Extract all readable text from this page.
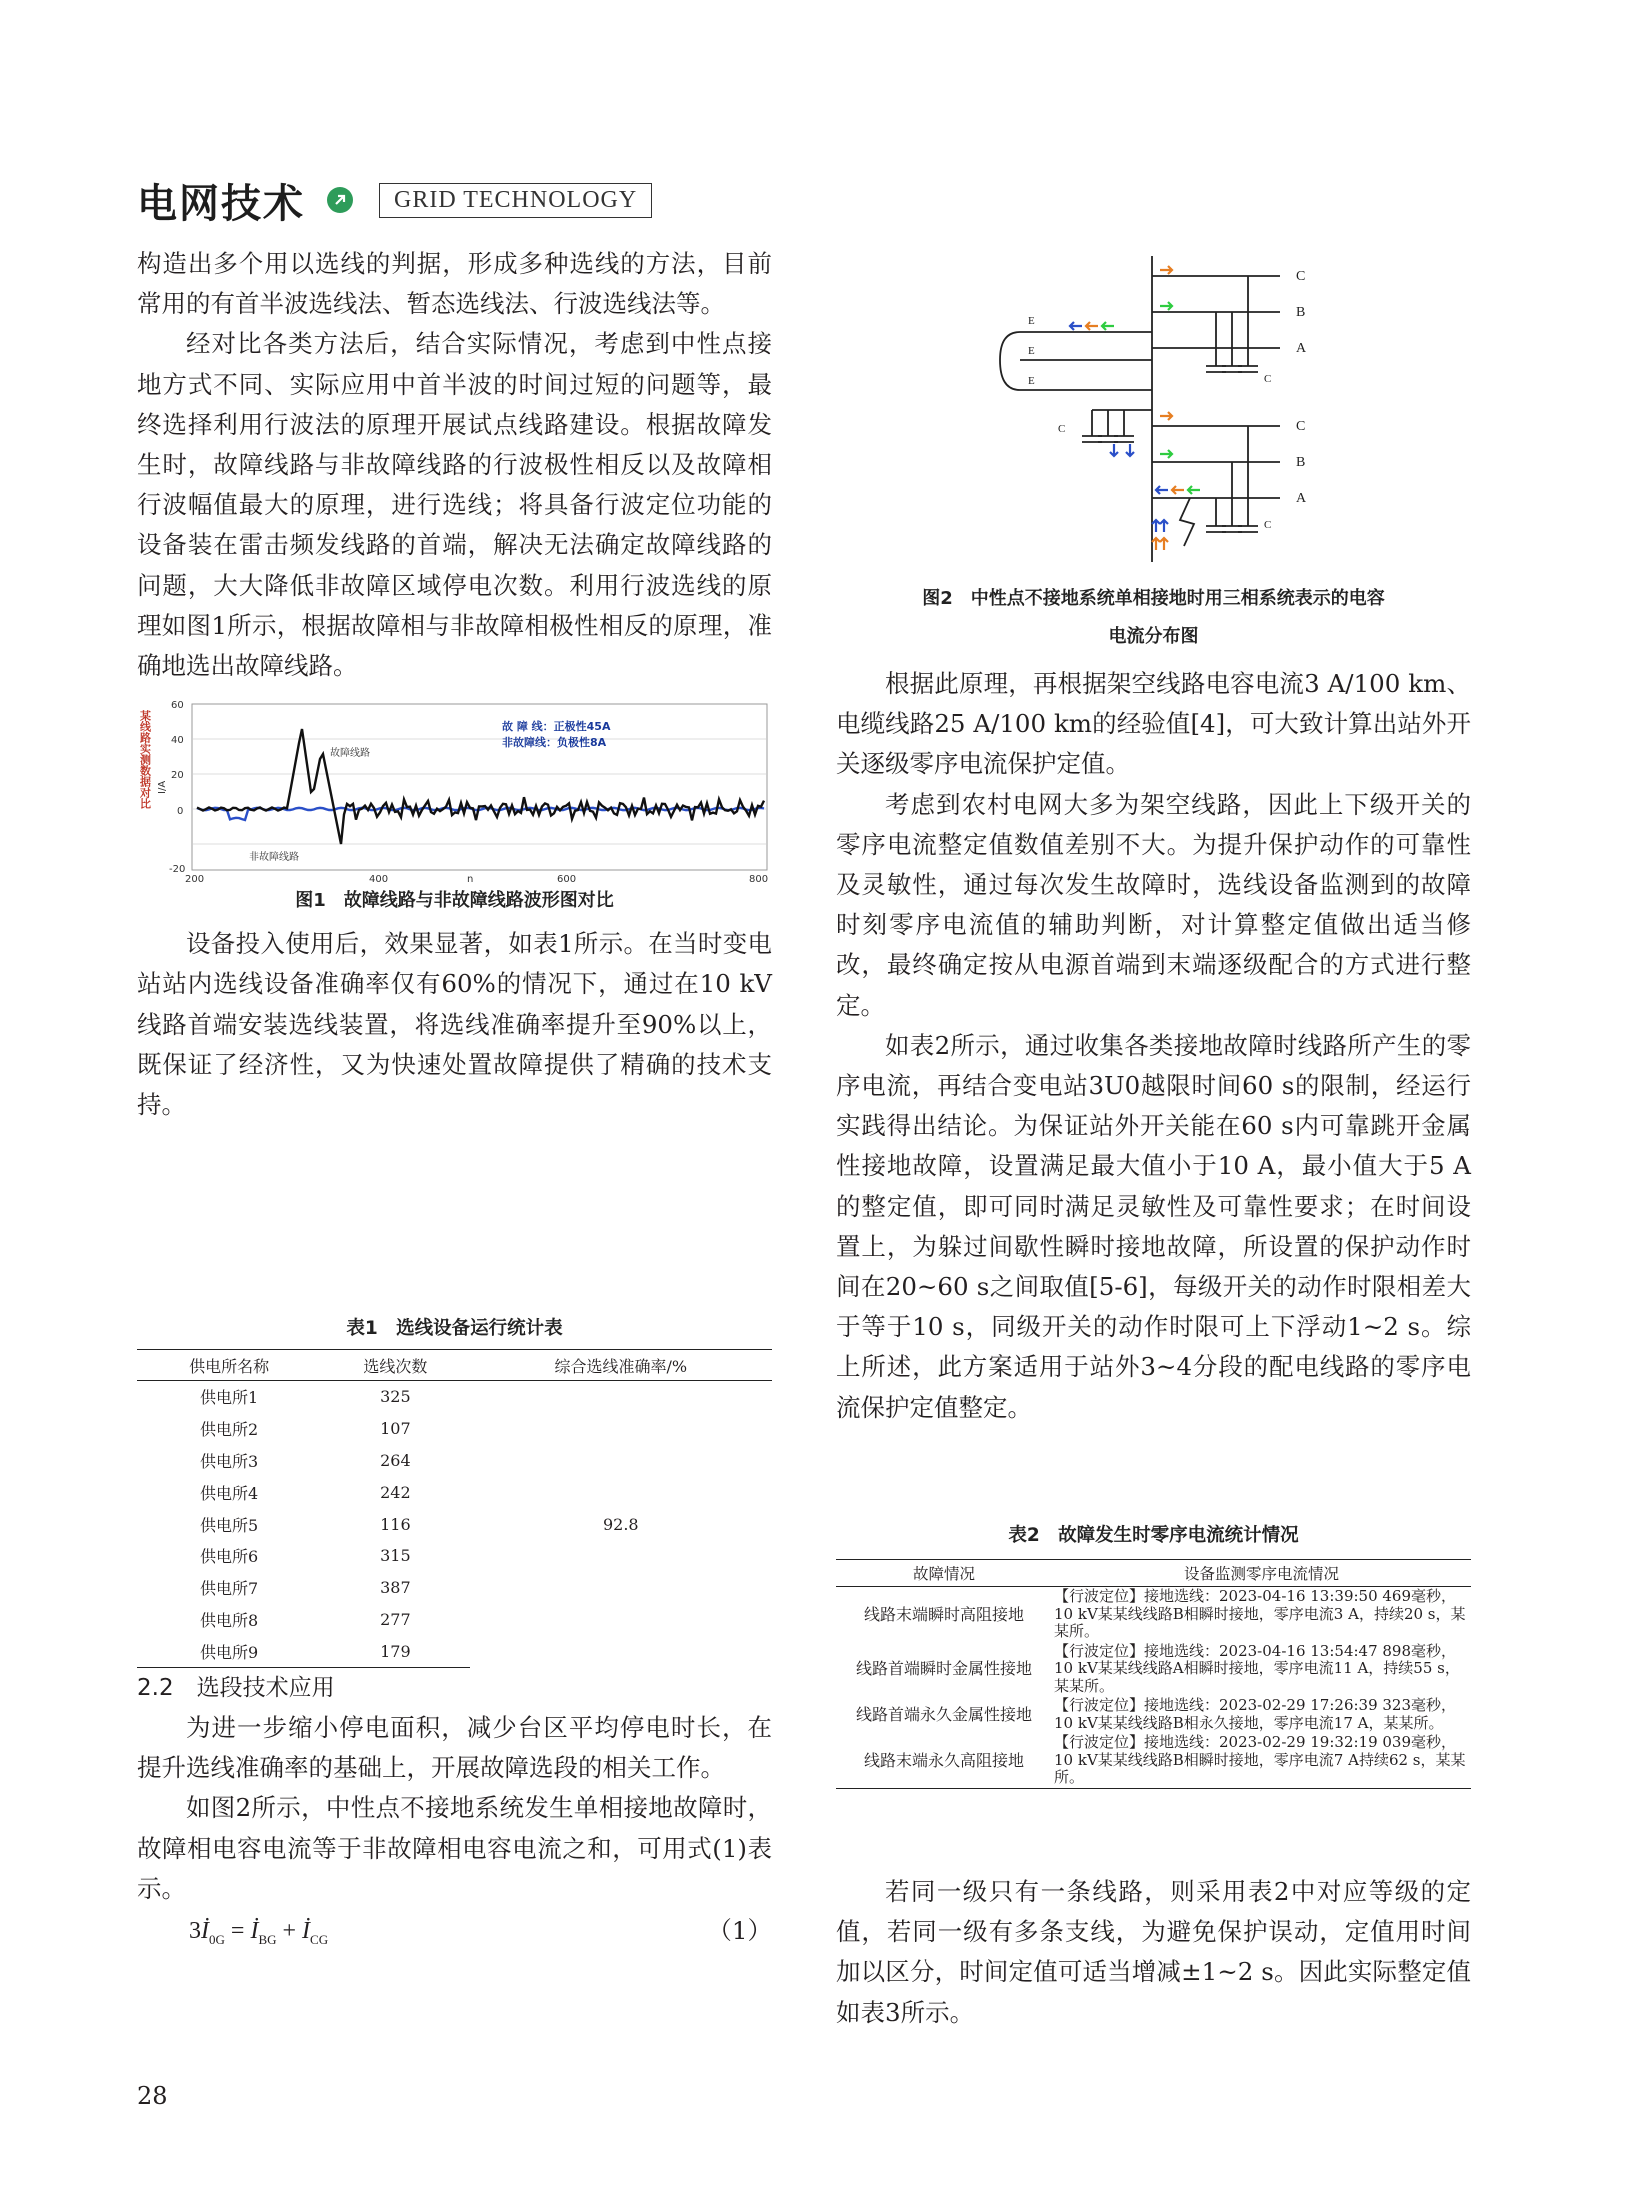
电网技术	GRID TECHNOLOGY

构造出多个用以选线的判据，形成多种选线的方法，目前常用的有首半波选线法、暂态选线法、行波选线法等。

经对比各类方法后，结合实际情况，考虑到中性点接地方式不同、实际应用中首半波的时间过短的问题等，最终选择利用行波法的原理开展试点线路建设。根据故障发生时，故障线路与非故障线路的行波极性相反以及故障相行波幅值最大的原理，进行选线；将具备行波定位功能的设备装在雷击频发线路的首端，解决无法确定故障线路的问题，大大降低非故障区域停电次数。利用行波选线的原理如图1所示，根据故障相与非故障相极性相反的原理，准确地选出故障线路。

某线路实测数据对比
60
40
20
0
-20
I/A
200	400	600	800
n
故障线路
非故障线路
故 障 线：正极性45A
非故障线：负极性8A
图1　故障线路与非故障线路波形图对比

设备投入使用后，效果显著，如表1所示。在当时变电站站内选线设备准确率仅有60%的情况下，通过在10 kV线路首端安装选线装置，将选线准确率提升至90%以上，既保证了经济性，又为快速处置故障提供了精确的技术支持。

表1　选线设备运行统计表
供电所名称	选线次数	综合选线准确率/%
供电所1	325	92.8
供电所2	107	
供电所3	264	
供电所4	242	
供电所5	116	
供电所6	315	
供电所7	387	
供电所8	277	
供电所9	179	

2.2　选段技术应用

为进一步缩小停电面积，减少台区平均停电时长，在提升选线准确率的基础上，开展故障选段的相关工作。

如图2所示，中性点不接地系统发生单相接地故障时，故障相电容电流等于非故障相电容电流之和，可用式(1)表示。

$3İ_{0G}$ = $İ_{BG}$ + $İ_{CG}$	（1）
C
B
A
C
B
A
E
E
E	C
C
C
图2　中性点不接地系统单相接地时用三相系统表示的电容
电流分布图

根据此原理，再根据架空线路电容电流3 A/100 km、电缆线路25 A/100 km的经验值[4]，可大致计算出站外开关逐级零序电流保护定值。

考虑到农村电网大多为架空线路，因此上下级开关的零序电流整定值数值差别不大。为提升保护动作的可靠性及灵敏性，通过每次发生故障时，选线设备监测到的故障时刻零序电流值的辅助判断，对计算整定值做出适当修改，最终确定按从电源首端到末端逐级配合的方式进行整定。

如表2所示，通过收集各类接地故障时线路所产生的零序电流，再结合变电站3U0越限时间60 s的限制，经运行实践得出结论。为保证站外开关能在60 s内可靠跳开金属性接地故障，设置满足最大值小于10 A，最小值大于5 A的整定值，即可同时满足灵敏性及可靠性要求；在时间设置上，为躲过间歇性瞬时接地故障，所设置的保护动作时间在20~60 s之间取值[5-6]，每级开关的动作时限相差大于等于10 s，同级开关的动作时限可上下浮动1~2 s。综上所述，此方案适用于站外3~4分段的配电线路的零序电流保护定值整定。

表2　故障发生时零序电流统计情况
故障情况	设备监测零序电流情况
线路末端瞬时高阻接地	【行波定位】接地选线：2023-04-16 13:39:50 469毫秒，10 kV某某线线路B相瞬时接地，零序电流3 A，持续20 s，某某所。
线路首端瞬时金属性接地	【行波定位】接地选线：2023-04-16 13:54:47 898毫秒，10 kV某某线线路A相瞬时接地，零序电流11 A，持续55 s，某某所。
线路首端永久金属性接地	【行波定位】接地选线：2023-02-29 17:26:39 323毫秒，10 kV某某线线路B相永久接地，零序电流17 A，某某所。
线路末端永久高阻接地	【行波定位】接地选线：2023-02-29 19:32:19 039毫秒，10 kV某某线线路B相瞬时接地，零序电流7 A持续62 s，某某所。

若同一级只有一条线路，则采用表2中对应等级的定值，若同一级有多条支线，为避免保护误动，定值用时间加以区分，时间定值可适当增减±1~2 s。因此实际整定值如表3所示。

28
